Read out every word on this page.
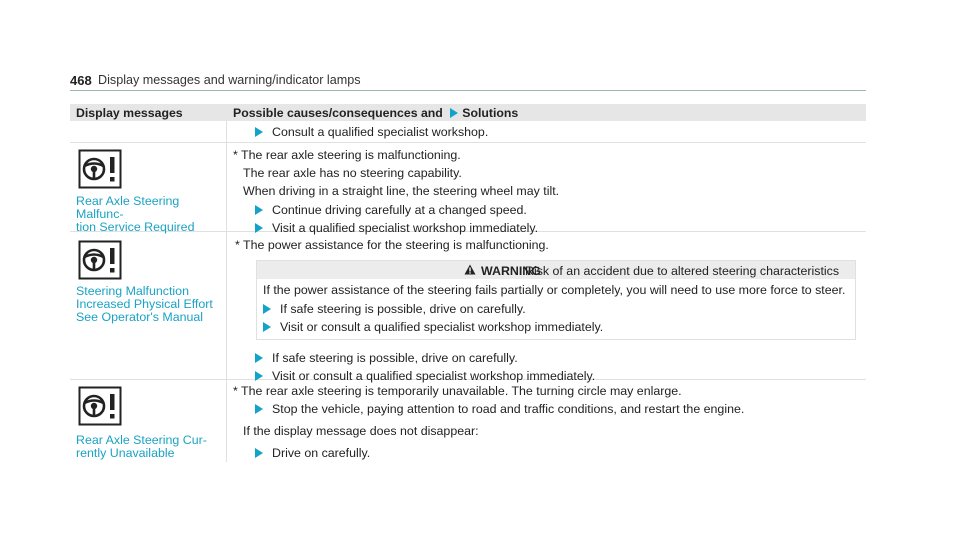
468 Display messages and warning/indicator lamps
Display messages	Possible causes/consequences and Solutions
Consult a qualified specialist workshop.
Rear Axle Steering Malfunc-
tion Service Required
* The rear axle steering is malfunctioning.
The rear axle has no steering capability.
When driving in a straight line, the steering wheel may tilt.
Continue driving carefully at a changed speed.
Visit a qualified specialist workshop immediately.
Steering Malfunction
Increased Physical Effort
See Operator's Manual
* The power assistance for the steering is malfunctioning.
WARNING
Risk of an accident due to altered steering characteristics
If the power assistance of the steering fails partially or completely, you will need to use more force to steer.
If safe steering is possible, drive on carefully.
Visit or consult a qualified specialist workshop immediately.
If safe steering is possible, drive on carefully.
Visit or consult a qualified specialist workshop immediately.
Rear Axle Steering Cur-
rently Unavailable
* The rear axle steering is temporarily unavailable. The turning circle may enlarge.
Stop the vehicle, paying attention to road and traffic conditions, and restart the engine.
If the display message does not disappear:
Drive on carefully.
